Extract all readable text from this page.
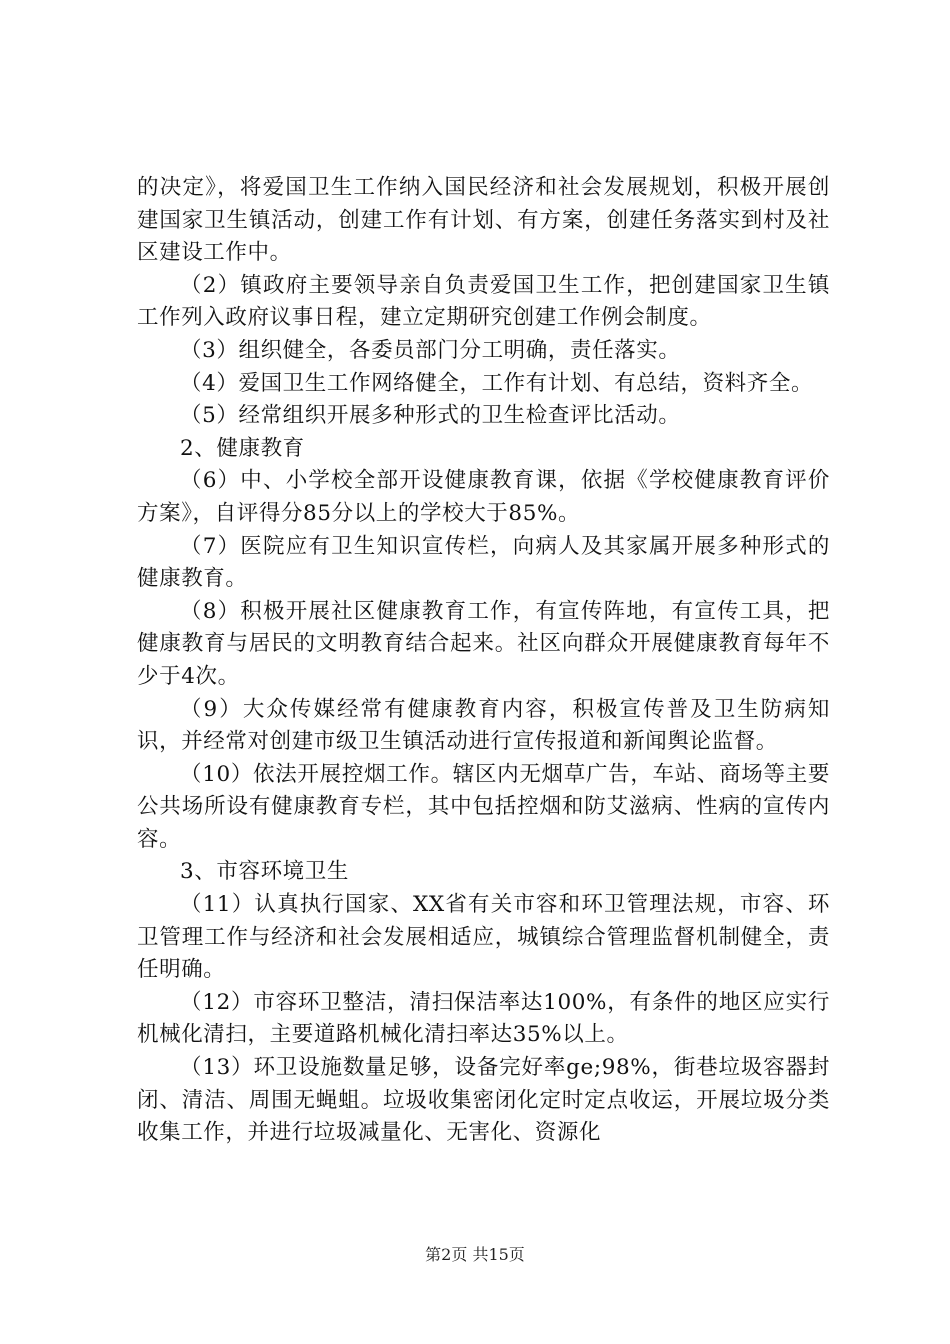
的决定》，将爱国卫生工作纳入国民经济和社会发展规划，积极开展创建国家卫生镇活动，创建工作有计划、有方案，创建任务落实到村及社区建设工作中。

（2）镇政府主要领导亲自负责爱国卫生工作，把创建国家卫生镇工作列入政府议事日程，建立定期研究创建工作例会制度。

（3）组织健全，各委员部门分工明确，责任落实。

（4）爱国卫生工作网络健全，工作有计划、有总结，资料齐全。

（5）经常组织开展多种形式的卫生检查评比活动。

2、健康教育

（6）中、小学校全部开设健康教育课，依据《学校健康教育评价方案》，自评得分85分以上的学校大于85%。

（7）医院应有卫生知识宣传栏，向病人及其家属开展多种形式的健康教育。

（8）积极开展社区健康教育工作，有宣传阵地，有宣传工具，把健康教育与居民的文明教育结合起来。社区向群众开展健康教育每年不少于4次。

（9）大众传媒经常有健康教育内容，积极宣传普及卫生防病知识，并经常对创建市级卫生镇活动进行宣传报道和新闻舆论监督。

（10）依法开展控烟工作。辖区内无烟草广告，车站、商场等主要公共场所设有健康教育专栏，其中包括控烟和防艾滋病、性病的宣传内容。

3、市容环境卫生

（11）认真执行国家、XX省有关市容和环卫管理法规，市容、环卫管理工作与经济和社会发展相适应，城镇综合管理监督机制健全，责任明确。

（12）市容环卫整洁，清扫保洁率达100%，有条件的地区应实行机械化清扫，主要道路机械化清扫率达35%以上。

（13）环卫设施数量足够，设备完好率ge;98%，街巷垃圾容器封闭、清洁、周围无蝇蛆。垃圾收集密闭化定时定点收运，开展垃圾分类收集工作，并进行垃圾减量化、无害化、资源化

第2页 共15页
